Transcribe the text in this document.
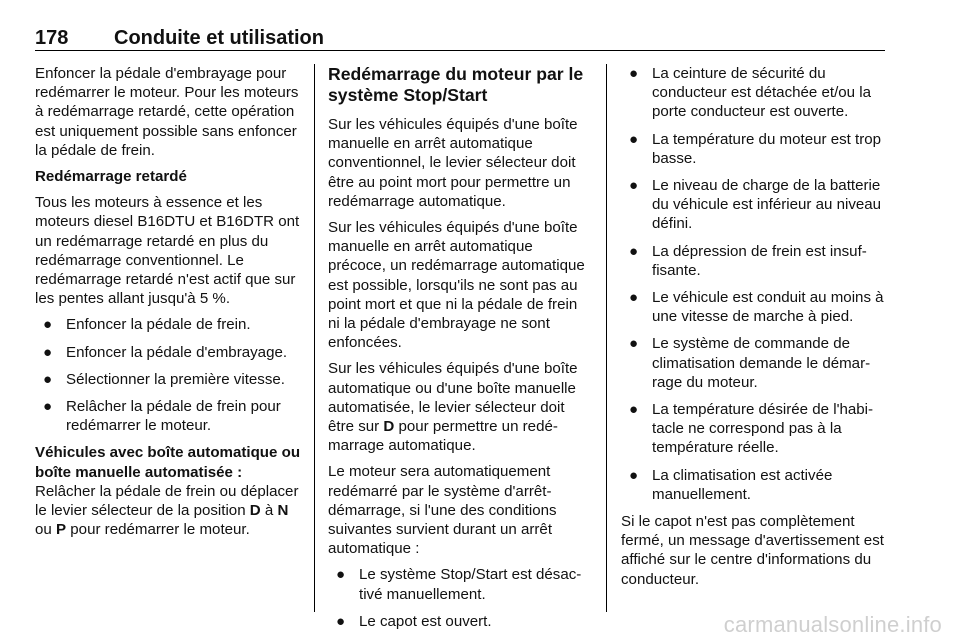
178 Conduite et utilisation

Enfoncer la pédale d'embrayage pour redémarrer le moteur. Pour les moteurs à redémarrage retardé, cette opération est uniquement possible sans enfoncer la pédale de frein.

Redémarrage retardé

Tous les moteurs à essence et les moteurs diesel B16DTU et B16DTR ont un redémarrage retardé en plus du redémarrage conventionnel. Le redémarrage retardé n'est actif que sur les pentes allant jusqu'à 5 %.

● Enfoncer la pédale de frein.
● Enfoncer la pédale d'embrayage.
● Sélectionner la première vitesse.
● Relâcher la pédale de frein pour redémarrer le moteur.
Véhicules avec boîte automatique ou boîte manuelle automatisée :

Relâcher la pédale de frein ou déplacer le levier sélecteur de la position D à N ou P pour redémarrer le moteur.

Redémarrage du moteur par le système Stop/Start

Sur les véhicules équipés d'une boîte manuelle en arrêt automatique conventionnel, le levier sélecteur doit être au point mort pour permettre un redémarrage automatique.

Sur les véhicules équipés d'une boîte manuelle en arrêt automatique précoce, un redémarrage automatique est possible, lorsqu'ils ne sont pas au point mort et que ni la pédale de frein ni la pédale d'embrayage ne sont enfoncées.

Sur les véhicules équipés d'une boîte automatique ou d'une boîte manuelle automatisée, le levier sélecteur doit être sur D pour permettre un redémarrage automatique.

Le moteur sera automatiquement redémarré par le système d'arrêt-démarrage, si l'une des conditions suivantes survient durant un arrêt automatique :

● Le système Stop/Start est désactivé manuellement.
● Le capot est ouvert.
● La ceinture de sécurité du conducteur est détachée et/ou la porte conducteur est ouverte.
● La température du moteur est trop basse.
● Le niveau de charge de la batterie du véhicule est inférieur au niveau défini.
● La dépression de frein est insuffisante.
● Le véhicule est conduit au moins à une vitesse de marche à pied.
● Le système de commande de climatisation demande le démarrage du moteur.
● La température désirée de l'habitacle ne correspond pas à la température réelle.
● La climatisation est activée manuellement.

Si le capot n'est pas complètement fermé, un message d'avertissement est affiché sur le centre d'informations du conducteur.

carmanualsonline.info
